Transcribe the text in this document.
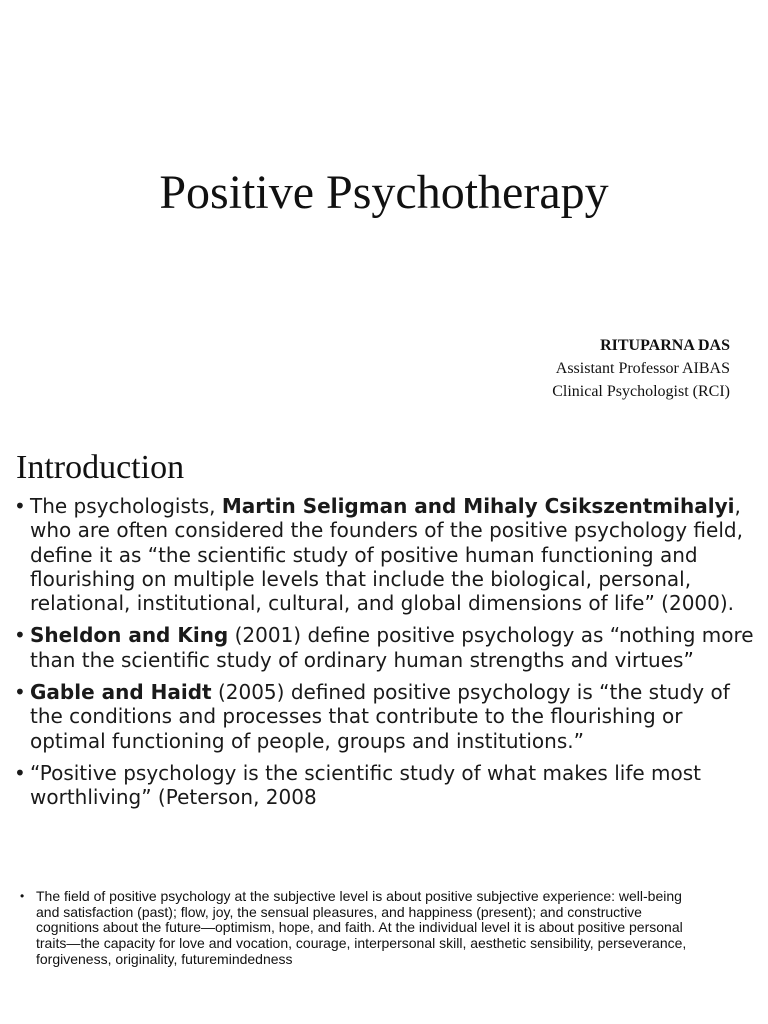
Positive Psychotherapy
RITUPARNA DAS
Assistant Professor AIBAS
Clinical Psychologist (RCI)
Introduction
• The psychologists, Martin Seligman and Mihaly Csikszentmihalyi, who are often considered the founders of the positive psychology field, define it as “the scientific study of positive human functioning and flourishing on multiple levels that include the biological, personal, relational, institutional, cultural, and global dimensions of life” (2000).
• Sheldon and King (2001) define positive psychology as “nothing more than the scientific study of ordinary human strengths and virtues”
• Gable and Haidt (2005) defined positive psychology is “the study of the conditions and processes that contribute to the flourishing or optimal functioning of people, groups and institutions.”
• “Positive psychology is the scientific study of what makes life most worthliving” (Peterson, 2008
• The field of positive psychology at the subjective level is about positive subjective experience: well-being and satisfaction (past); flow, joy, the sensual pleasures, and happiness (present); and constructive cognitions about the future—optimism, hope, and faith. At the individual level it is about positive personal traits—the capacity for love and vocation, courage, interpersonal skill, aesthetic sensibility, perseverance, forgiveness, originality, futuremindedness
